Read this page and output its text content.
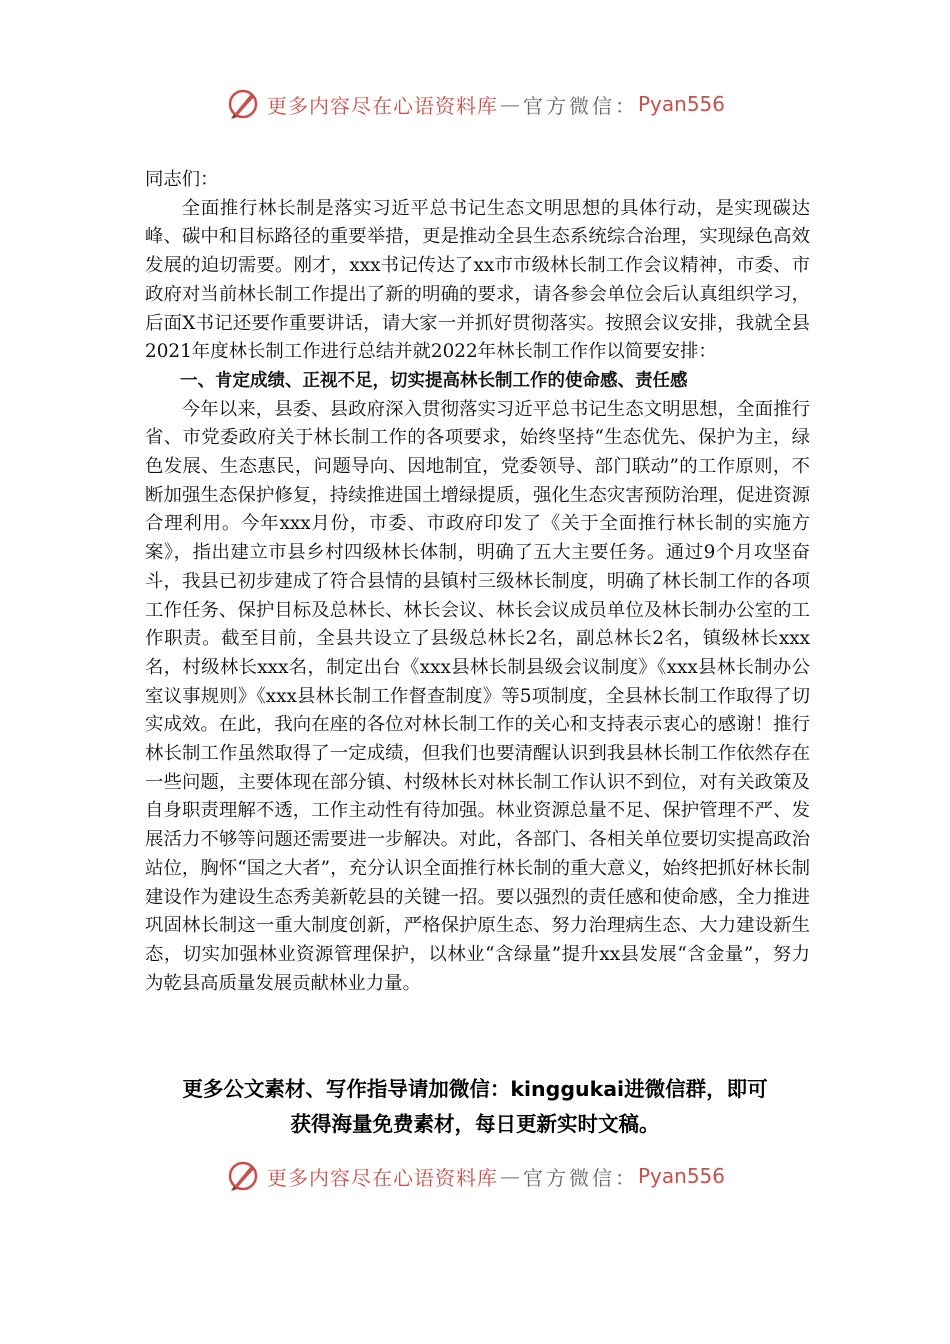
更多内容尽在心语资料库 — 官方微信： Pyan556

同志们：

全面推行林长制是落实习近平总书记生态文明思想的具体行动，是实现碳达峰、碳中和目标路径的重要举措，更是推动全县生态系统综合治理，实现绿色高效发展的迫切需要。刚才，xxx书记传达了xx市市级林长制工作会议精神，市委、市政府对当前林长制工作提出了新的明确的要求，请各参会单位会后认真组织学习，后面X书记还要作重要讲话，请大家一并抓好贯彻落实。按照会议安排，我就全县2021年度林长制工作进行总结并就2022年林长制工作作以简要安排：

一、肯定成绩、正视不足，切实提高林长制工作的使命感、责任感

今年以来，县委、县政府深入贯彻落实习近平总书记生态文明思想，全面推行省、市党委政府关于林长制工作的各项要求，始终坚持“生态优先、保护为主，绿色发展、生态惠民，问题导向、因地制宜，党委领导、部门联动”的工作原则，不断加强生态保护修复，持续推进国土增绿提质，强化生态灾害预防治理，促进资源合理利用。今年xxx月份，市委、市政府印发了《关于全面推行林长制的实施方案》，指出建立市县乡村四级林长体制，明确了五大主要任务。通过9个月攻坚奋斗，我县已初步建成了符合县情的县镇村三级林长制度，明确了林长制工作的各项工作任务、保护目标及总林长、林长会议、林长会议成员单位及林长制办公室的工作职责。截至目前，全县共设立了县级总林长2名，副总林长2名，镇级林长xxx名，村级林长xxx名，制定出台《xxx县林长制县级会议制度》《xxx县林长制办公室议事规则》《xxx县林长制工作督查制度》等5项制度，全县林长制工作取得了切实成效。在此，我向在座的各位对林长制工作的关心和支持表示衷心的感谢！推行林长制工作虽然取得了一定成绩，但我们也要清醒认识到我县林长制工作依然存在一些问题，主要体现在部分镇、村级林长对林长制工作认识不到位，对有关政策及自身职责理解不透，工作主动性有待加强。林业资源总量不足、保护管理不严、发展活力不够等问题还需要进一步解决。对此，各部门、各相关单位要切实提高政治站位，胸怀“国之大者”，充分认识全面推行林长制的重大意义，始终把抓好林长制建设作为建设生态秀美新乾县的关键一招。要以强烈的责任感和使命感，全力推进巩固林长制这一重大制度创新，严格保护原生态、努力治理病生态、大力建设新生态，切实加强林业资源管理保护，以林业“含绿量”提升xx县发展“含金量”，努力为乾县高质量发展贡献林业力量。

更多公文素材、写作指导请加微信：kinggukai进微信群，即可
获得海量免费素材，每日更新实时文稿。
更多内容尽在心语资料库 — 官方微信： Pyan556
